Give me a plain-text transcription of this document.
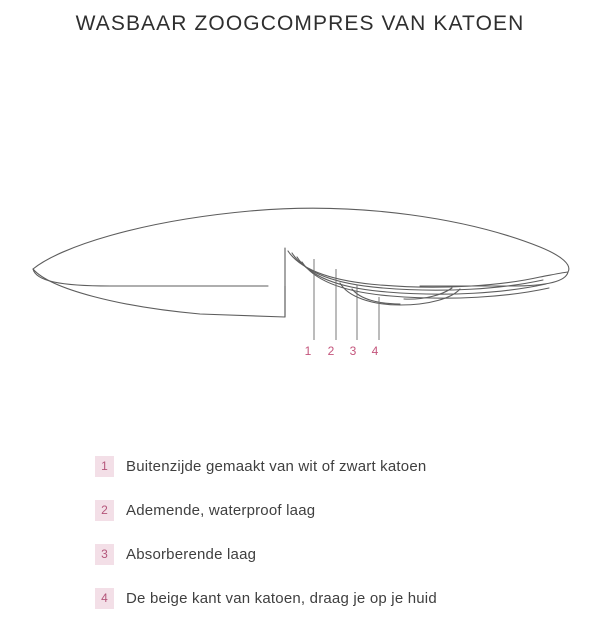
WASBAAR ZOOGCOMPRES VAN KATOEN
1	2	3	4
1	Buitenzijde gemaakt van wit of zwart katoen
2	Ademende, waterproof laag
3	Absorberende laag
4	De beige kant van katoen, draag je op je huid
